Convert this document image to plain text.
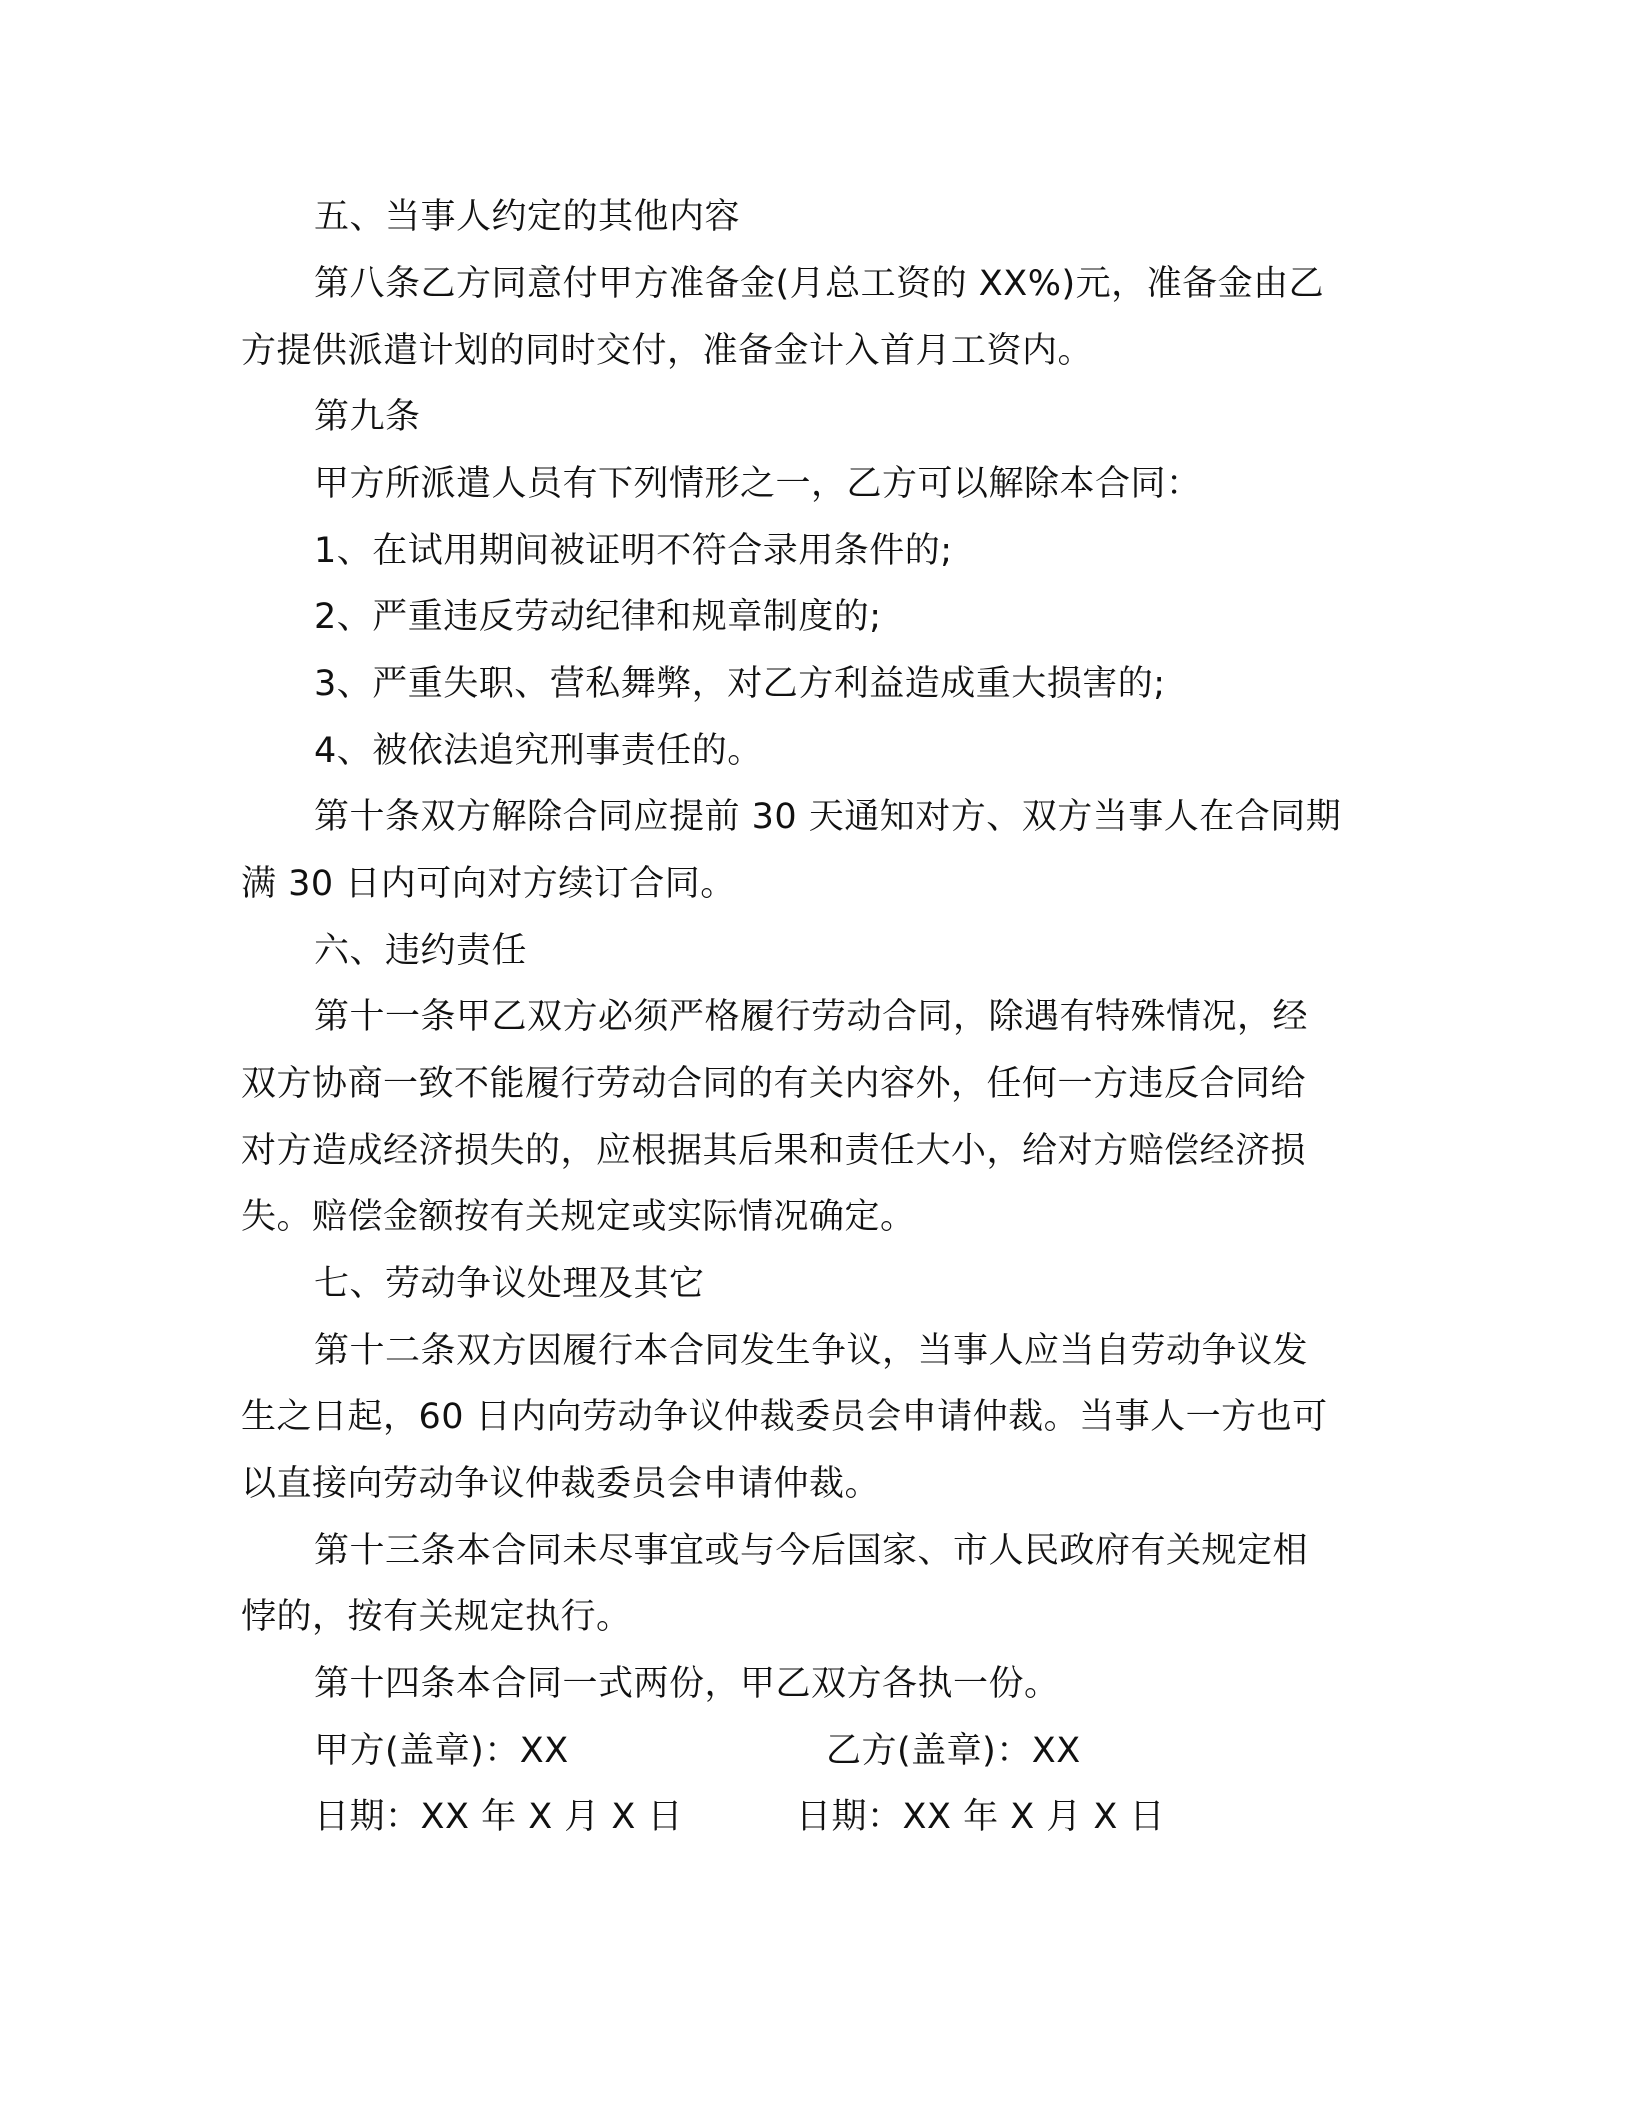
五、当事人约定的其他内容
第八条乙方同意付甲方准备金(月总工资的 XX%)元，准备金由乙
方提供派遣计划的同时交付，准备金计入首月工资内。
第九条
甲方所派遣人员有下列情形之一，乙方可以解除本合同：
1、在试用期间被证明不符合录用条件的;
2、严重违反劳动纪律和规章制度的;
3、严重失职、营私舞弊，对乙方利益造成重大损害的;
4、被依法追究刑事责任的。
第十条双方解除合同应提前 30 天通知对方、双方当事人在合同期
满 30 日内可向对方续订合同。
六、违约责任
第十一条甲乙双方必须严格履行劳动合同，除遇有特殊情况，经
双方协商一致不能履行劳动合同的有关内容外，任何一方违反合同给
对方造成经济损失的，应根据其后果和责任大小，给对方赔偿经济损
失。赔偿金额按有关规定或实际情况确定。
七、劳动争议处理及其它
第十二条双方因履行本合同发生争议，当事人应当自劳动争议发
生之日起，60 日内向劳动争议仲裁委员会申请仲裁。当事人一方也可
以直接向劳动争议仲裁委员会申请仲裁。
第十三条本合同未尽事宜或与今后国家、市人民政府有关规定相
悖的，按有关规定执行。
第十四条本合同一式两份，甲乙双方各执一份。
甲方(盖章)：XX	乙方(盖章)：XX
日期：XX 年 X 月 X 日	日期：XX 年 X 月 X 日
